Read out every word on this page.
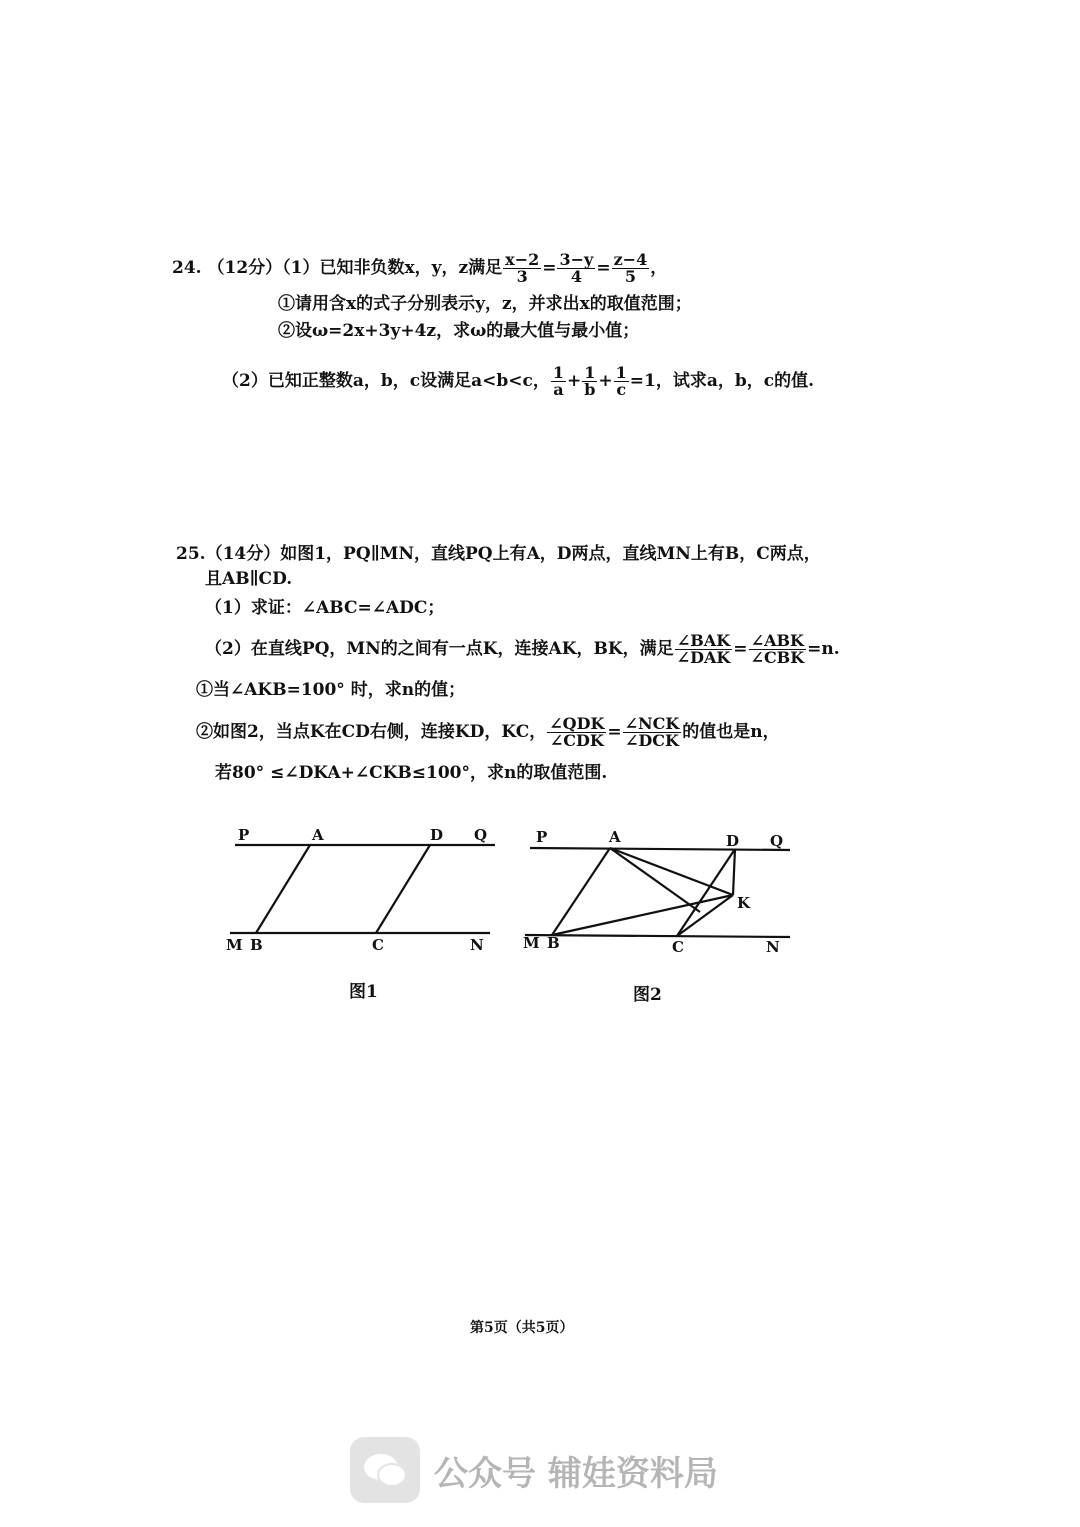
24. （12分）（1）已知非负数x，y，z满足 $\frac{x-2}{3} = \frac{3-y}{4} = \frac{z-4}{5}$ ，
①请用含x的式子分别表示y，z，并求出x的取值范围；
②设ω=2x+3y+4z，求ω的最大值与最小值；
（2）已知正整数a，b，c设满足a<b<c， $\frac{1}{a} + \frac{1}{b} + \frac{1}{c} =1$，试求a，b，c的值.
25.（14分）如图1，PQ∥MN，直线PQ上有A，D两点，直线MN上有B，C两点，
且AB∥CD.
（1）求证：∠ABC=∠ADC；
（2）在直线PQ，MN的之间有一点K，连接AK，BK，满足 ∠BAK
∠DAK = ∠ABK
∠CBK =n.
①当∠AKB=100° 时，求n的值；
②如图2，当点K在CD右侧，连接KD，KC， ∠QDK
∠CDK = ∠NCK
∠DCK 的值也是n，
若80° ≤∠DKA+∠CKB≤100°，求n的取值范围.
P	A	D Q
M B	C	N
P	A	D Q
K
M B	C	N
图1	图2
第5页（共5页）
公众号 辅娃资料局
